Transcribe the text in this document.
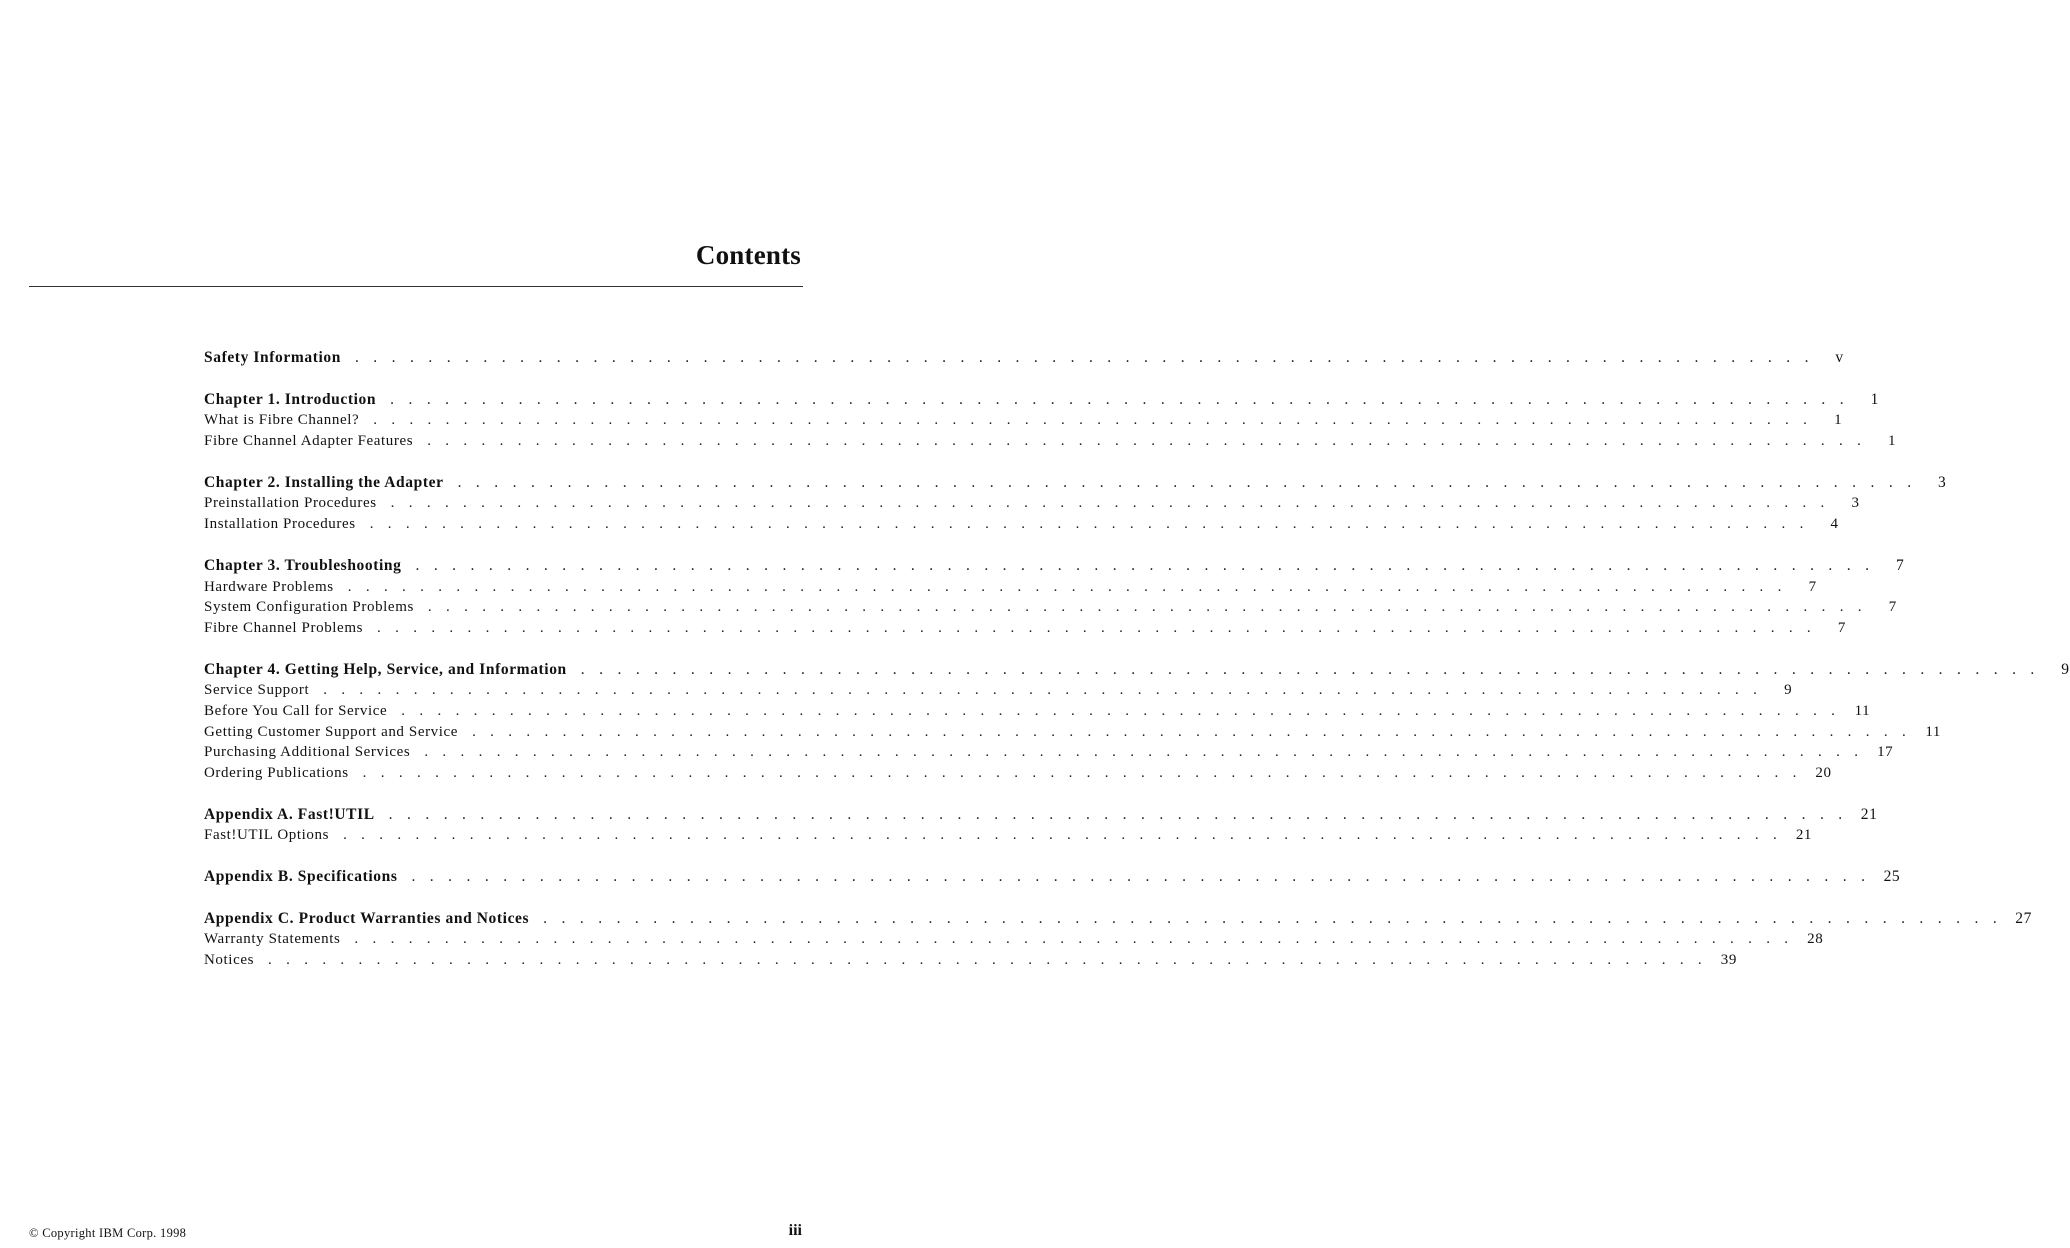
Contents
Safety Information . . . . . . . . . . . . . . . . . . . . . . . . . . . . . . . . . . . . . . . . . . . . . . . . . . . . . . . . . . . . . . . . . . . . . . . . . . . . . . . .	v
Chapter 1. Introduction . . . . . . . . . . . . . . . . . . . . . . . . . . . . . . . . . . . . . . . . . . . . . . . . . . . . . . . . . . . . . . . . . . . . . . . . . . . . . . . .	1
What is Fibre Channel? . . . . . . . . . . . . . . . . . . . . . . . . . . . . . . . . . . . . . . . . . . . . . . . . . . . . . . . . . . . . . . . . . . . . . . . . . . . . . . . .	1
Fibre Channel Adapter Features . . . . . . . . . . . . . . . . . . . . . . . . . . . . . . . . . . . . . . . . . . . . . . . . . . . . . . . . . . . . . . . . . . . . . . . . . . . . . . . .	1
Chapter 2. Installing the Adapter . . . . . . . . . . . . . . . . . . . . . . . . . . . . . . . . . . . . . . . . . . . . . . . . . . . . . . . . . . . . . . . . . . . . . . . . . . . . . . . .	3
Preinstallation Procedures . . . . . . . . . . . . . . . . . . . . . . . . . . . . . . . . . . . . . . . . . . . . . . . . . . . . . . . . . . . . . . . . . . . . . . . . . . . . . . . .	3
Installation Procedures . . . . . . . . . . . . . . . . . . . . . . . . . . . . . . . . . . . . . . . . . . . . . . . . . . . . . . . . . . . . . . . . . . . . . . . . . . . . . . . .	4
Chapter 3. Troubleshooting . . . . . . . . . . . . . . . . . . . . . . . . . . . . . . . . . . . . . . . . . . . . . . . . . . . . . . . . . . . . . . . . . . . . . . . . . . . . . . . .	7
Hardware Problems . . . . . . . . . . . . . . . . . . . . . . . . . . . . . . . . . . . . . . . . . . . . . . . . . . . . . . . . . . . . . . . . . . . . . . . . . . . . . . . .	7
System Configuration Problems . . . . . . . . . . . . . . . . . . . . . . . . . . . . . . . . . . . . . . . . . . . . . . . . . . . . . . . . . . . . . . . . . . . . . . . . . . . . . . . .	7
Fibre Channel Problems . . . . . . . . . . . . . . . . . . . . . . . . . . . . . . . . . . . . . . . . . . . . . . . . . . . . . . . . . . . . . . . . . . . . . . . . . . . . . . . .	7
Chapter 4. Getting Help, Service, and Information . . . . . . . . . . . . . . . . . . . . . . . . . . . . . . . . . . . . . . . . . . . . . . . . . . . . . . . . . . . . . . . . . . . . . . . . . . . . . . . .	9
Service Support . . . . . . . . . . . . . . . . . . . . . . . . . . . . . . . . . . . . . . . . . . . . . . . . . . . . . . . . . . . . . . . . . . . . . . . . . . . . . . . .	9
Before You Call for Service . . . . . . . . . . . . . . . . . . . . . . . . . . . . . . . . . . . . . . . . . . . . . . . . . . . . . . . . . . . . . . . . . . . . . . . . . . . . . . . . 11
Getting Customer Support and Service . . . . . . . . . . . . . . . . . . . . . . . . . . . . . . . . . . . . . . . . . . . . . . . . . . . . . . . . . . . . . . . . . . . . . . . . . . . . . . . . 11
Purchasing Additional Services . . . . . . . . . . . . . . . . . . . . . . . . . . . . . . . . . . . . . . . . . . . . . . . . . . . . . . . . . . . . . . . . . . . . . . . . . . . . . . . . 17
Ordering Publications . . . . . . . . . . . . . . . . . . . . . . . . . . . . . . . . . . . . . . . . . . . . . . . . . . . . . . . . . . . . . . . . . . . . . . . . . . . . . . . . 20
Appendix A. Fast!UTIL . . . . . . . . . . . . . . . . . . . . . . . . . . . . . . . . . . . . . . . . . . . . . . . . . . . . . . . . . . . . . . . . . . . . . . . . . . . . . . . . 21
Fast!UTIL Options . . . . . . . . . . . . . . . . . . . . . . . . . . . . . . . . . . . . . . . . . . . . . . . . . . . . . . . . . . . . . . . . . . . . . . . . . . . . . . . . 21
Appendix B. Specifications . . . . . . . . . . . . . . . . . . . . . . . . . . . . . . . . . . . . . . . . . . . . . . . . . . . . . . . . . . . . . . . . . . . . . . . . . . . . . . . . 25
Appendix C. Product Warranties and Notices . . . . . . . . . . . . . . . . . . . . . . . . . . . . . . . . . . . . . . . . . . . . . . . . . . . . . . . . . . . . . . . . . . . . . . . . . . . . . . . . 27
Warranty Statements . . . . . . . . . . . . . . . . . . . . . . . . . . . . . . . . . . . . . . . . . . . . . . . . . . . . . . . . . . . . . . . . . . . . . . . . . . . . . . . . 28
Notices . . . . . . . . . . . . . . . . . . . . . . . . . . . . . . . . . . . . . . . . . . . . . . . . . . . . . . . . . . . . . . . . . . . . . . . . . . . . . . . . 39
© Copyright IBM Corp. 1998	iii
